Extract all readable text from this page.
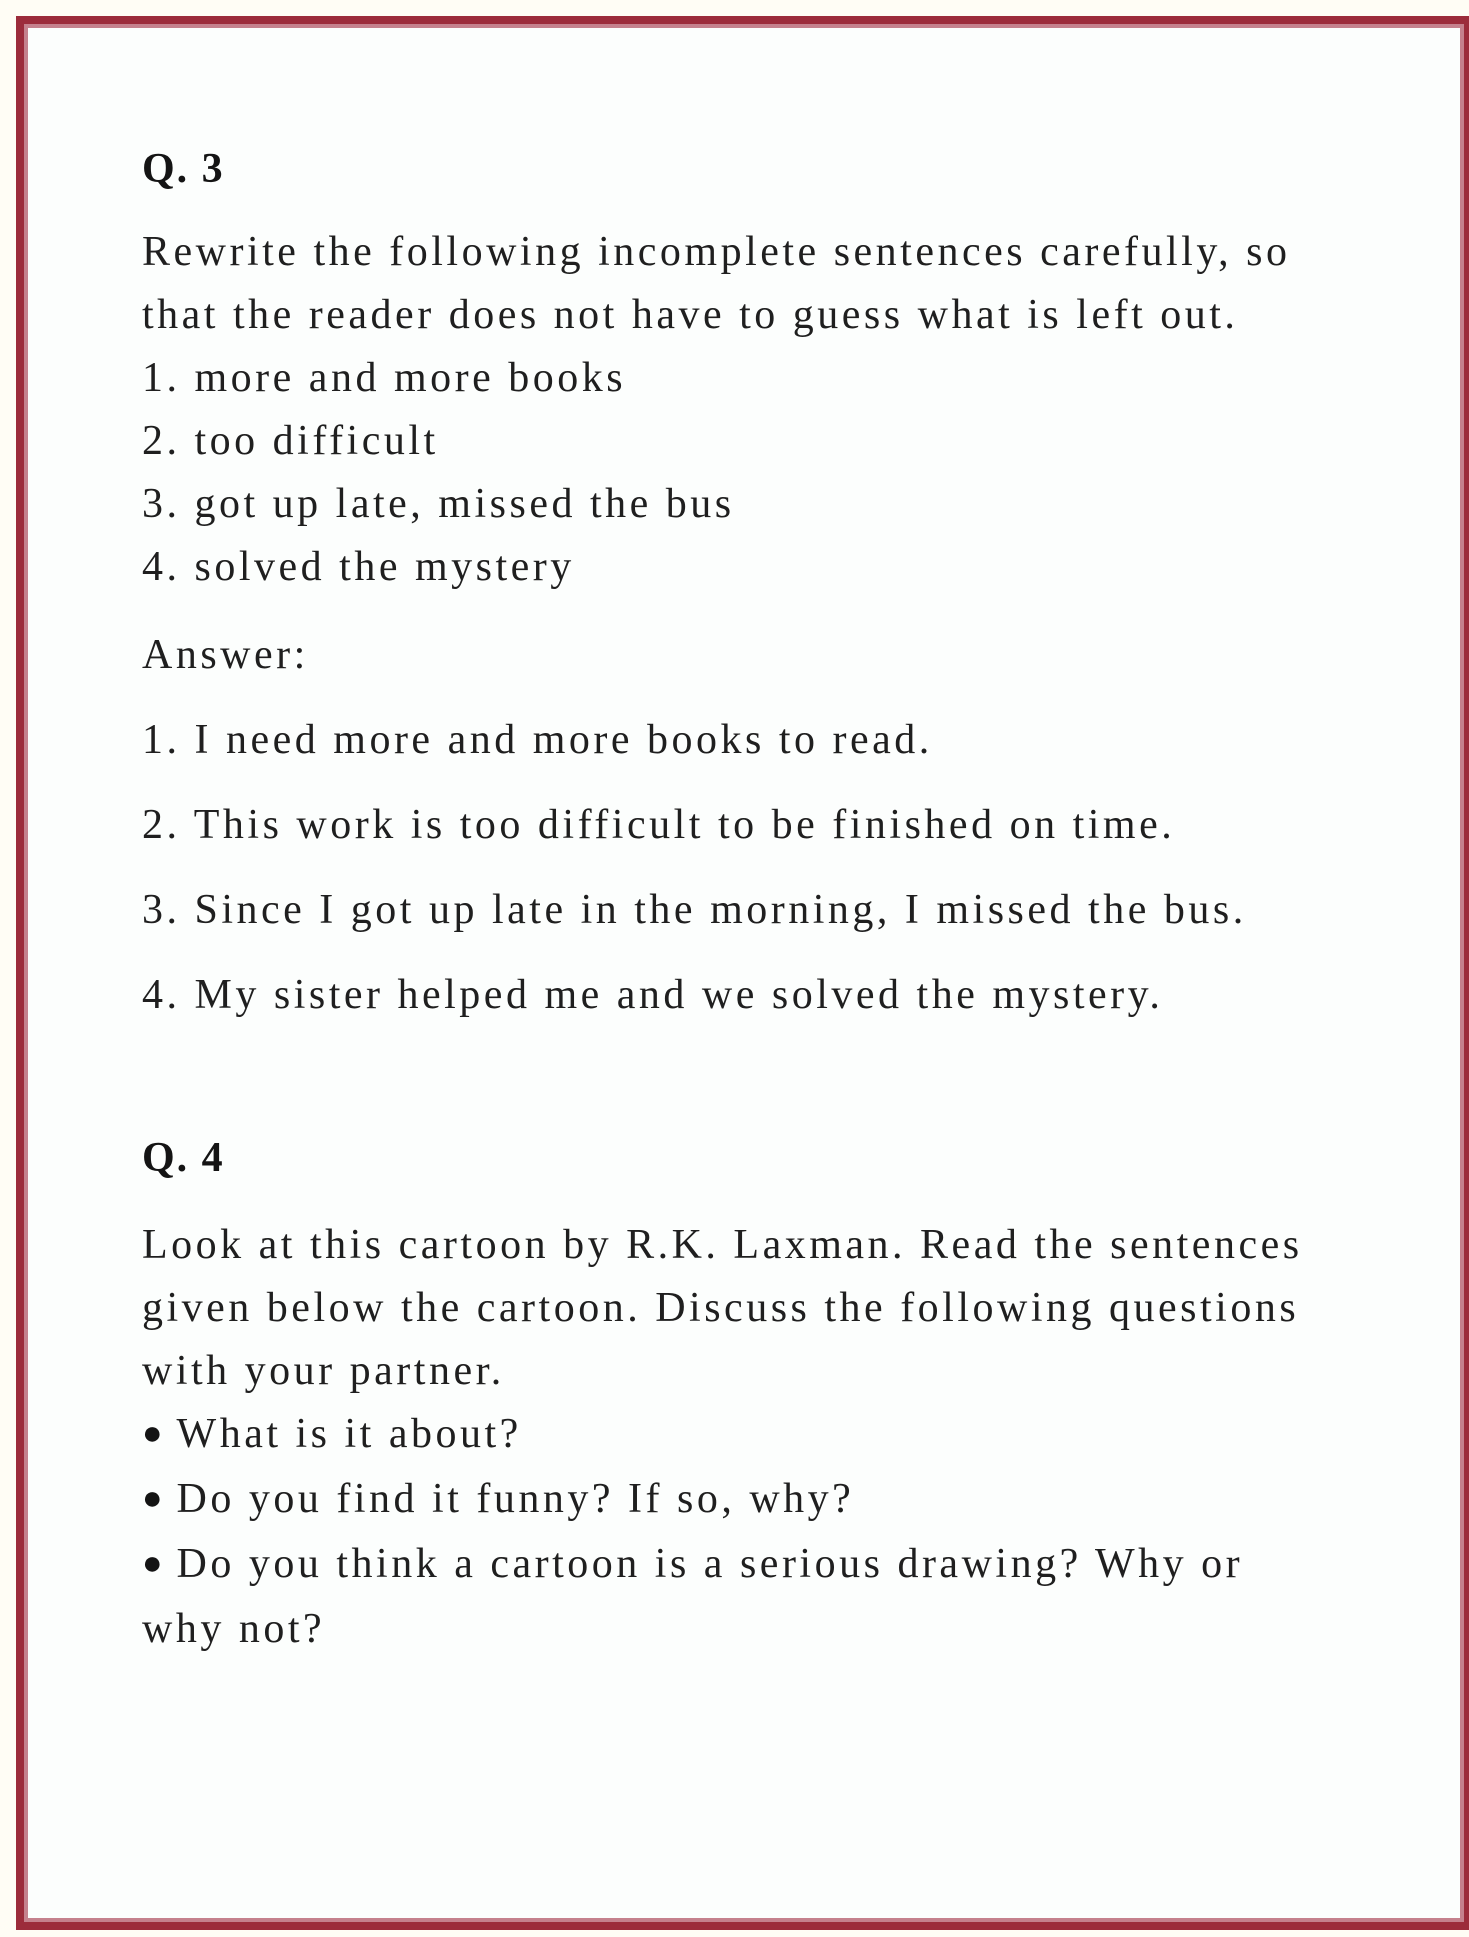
Q. 3

Rewrite the following incomplete sentences carefully, so that the reader does not have to guess what is left out.

1. more and more books
2. too difficult
3. got up late, missed the bus
4. solved the mystery

Answer:

1. I need more and more books to read.

2. This work is too difficult to be finished on time.

3. Since I got up late in the morning, I missed the bus.

4. My sister helped me and we solved the mystery.

Q. 4

Look at this cartoon by R.K. Laxman. Read the sentences given below the cartoon. Discuss the following questions with your partner.

● What is it about?

● Do you find it funny? If so, why?

● Do you think a cartoon is a serious drawing? Why or why not?
